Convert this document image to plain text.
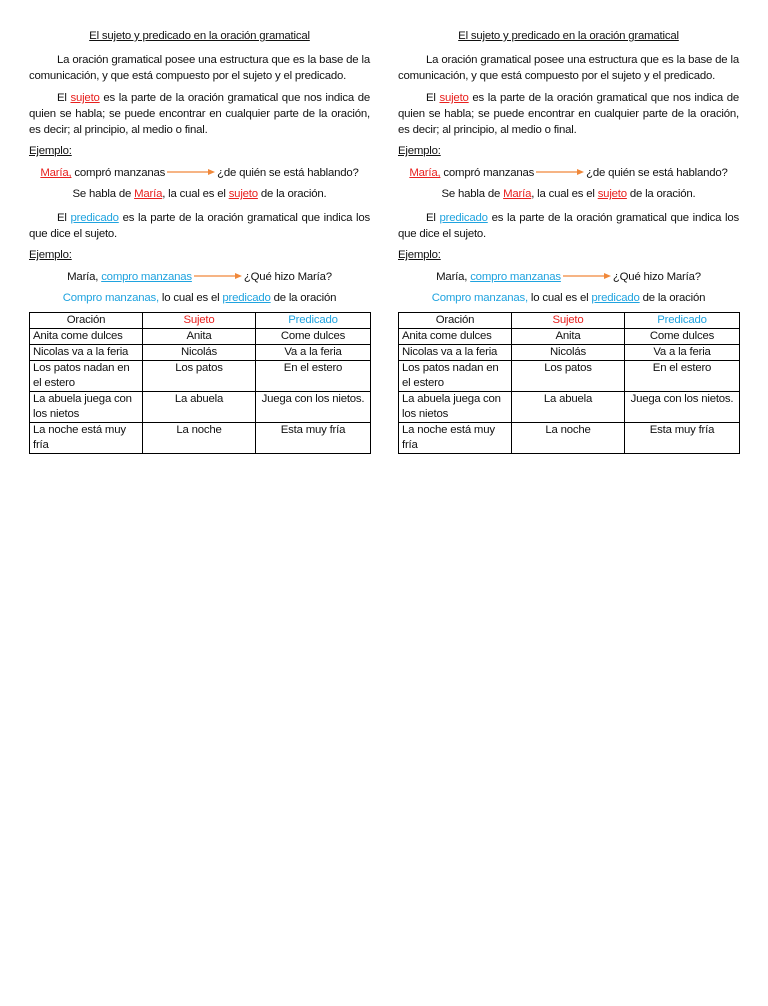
El sujeto y predicado en la oración gramatical

La oración gramatical posee una estructura que es la base de la comunicación, y que está compuesto por el sujeto y el predicado.

El sujeto es la parte de la oración gramatical que nos indica de quien se habla; se puede encontrar en cualquier parte de la oración, es decir; al principio, al medio o final.

Ejemplo:

María, compró manzanas	¿de quién se está hablando?

Se habla de María, la cual es el sujeto de la oración.

El predicado es la parte de la oración gramatical que indica los que dice el sujeto.

Ejemplo:

María, compro manzanas	¿Qué hizo María?

Compro manzanas, lo cual es el predicado de la oración

Oración	Sujeto	Predicado
Anita come dulces	Anita	Come dulces
Nicolas va a la feria	Nicolás	Va a la feria
Los patos nadan en el estero	Los patos	En el estero
La abuela juega con los nietos	La abuela	Juega con los nietos.
La noche está muy fría	La noche	Esta muy fría

El sujeto y predicado en la oración gramatical

La oración gramatical posee una estructura que es la base de la comunicación, y que está compuesto por el sujeto y el predicado.

El sujeto es la parte de la oración gramatical que nos indica de quien se habla; se puede encontrar en cualquier parte de la oración, es decir; al principio, al medio o final.

Ejemplo:

María, compró manzanas	¿de quién se está hablando?

Se habla de María, la cual es el sujeto de la oración.

El predicado es la parte de la oración gramatical que indica los que dice el sujeto.

Ejemplo:

María, compro manzanas	¿Qué hizo María?

Compro manzanas, lo cual es el predicado de la oración

Oración	Sujeto	Predicado
Anita come dulces	Anita	Come dulces
Nicolas va a la feria	Nicolás	Va a la feria
Los patos nadan en el estero	Los patos	En el estero
La abuela juega con los nietos	La abuela	Juega con los nietos.
La noche está muy fría	La noche	Esta muy fría
